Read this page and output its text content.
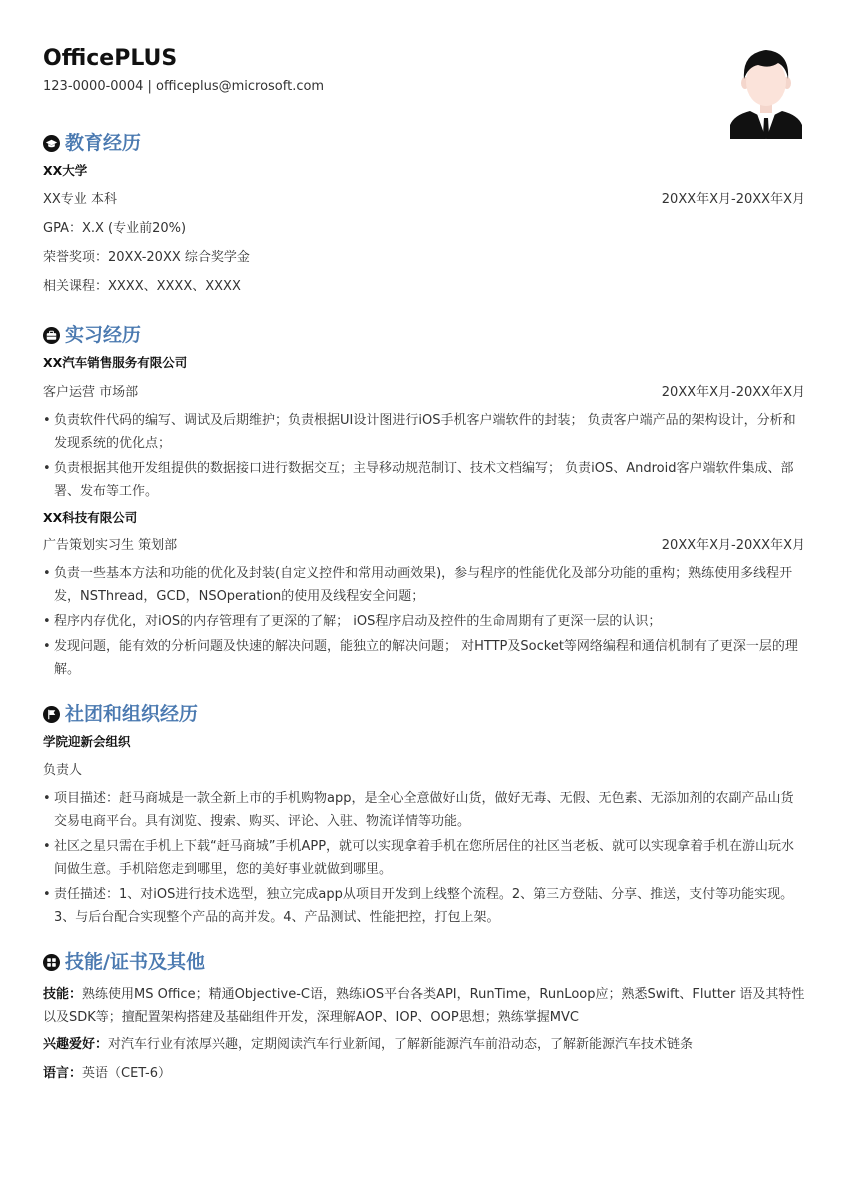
OfficePLUS
123-0000-0004 | officeplus@microsoft.com
教育经历
XX大学
XX专业 本科	20XX年X月-20XX年X月
GPA：X.X (专业前20%)
荣誉奖项：20XX-20XX 综合奖学金
相关课程：XXXX、XXXX、XXXX
实习经历
XX汽车销售服务有限公司
客户运营 市场部	20XX年X月-20XX年X月
• 负责软件代码的编写、调试及后期维护；负责根据UI设计图进行iOS手机客户端软件的封装； 负责客户端产品的架构设计，分析和发现系统的优化点；
• 负责根据其他开发组提供的数据接口进行数据交互；主导移动规范制订、技术文档编写； 负责iOS、Android客户端软件集成、部署、发布等工作。
XX科技有限公司
广告策划实习生 策划部	20XX年X月-20XX年X月
• 负责一些基本方法和功能的优化及封装(自定义控件和常用动画效果)，参与程序的性能优化及部分功能的重构；熟练使用多线程开发，NSThread，GCD，NSOperation的使用及线程安全问题；
• 程序内存优化，对iOS的内存管理有了更深的了解； iOS程序启动及控件的生命周期有了更深一层的认识；
• 发现问题，能有效的分析问题及快速的解决问题，能独立的解决问题； 对HTTP及Socket等网络编程和通信机制有了更深一层的理解。
社团和组织经历
学院迎新会组织
负责人
• 项目描述：赶马商城是一款全新上市的手机购物app，是全心全意做好山货，做好无毒、无假、无色素、无添加剂的农副产品山货交易电商平台。具有浏览、搜索、购买、评论、入驻、物流详情等功能。
• 社区之星只需在手机上下载“赶马商城”手机APP，就可以实现拿着手机在您所居住的社区当老板、就可以实现拿着手机在游山玩水间做生意。手机陪您走到哪里，您的美好事业就做到哪里。
• 责任描述：1、对iOS进行技术选型，独立完成app从项目开发到上线整个流程。2、第三方登陆、分享、推送，支付等功能实现。3、与后台配合实现整个产品的高并发。4、产品测试、性能把控，打包上架。
技能/证书及其他
技能：熟练使用MS Office；精通Objective-C语，熟练iOS平台各类API，RunTime，RunLoop应；熟悉Swift、Flutter 语及其特性以及SDK等；擅配置架构搭建及基础组件开发，深理解AOP、IOP、OOP思想；熟练掌握MVC
兴趣爱好：对汽车行业有浓厚兴趣，定期阅读汽车行业新闻，了解新能源汽车前沿动态，了解新能源汽车技术链条
语言：英语（CET-6）
